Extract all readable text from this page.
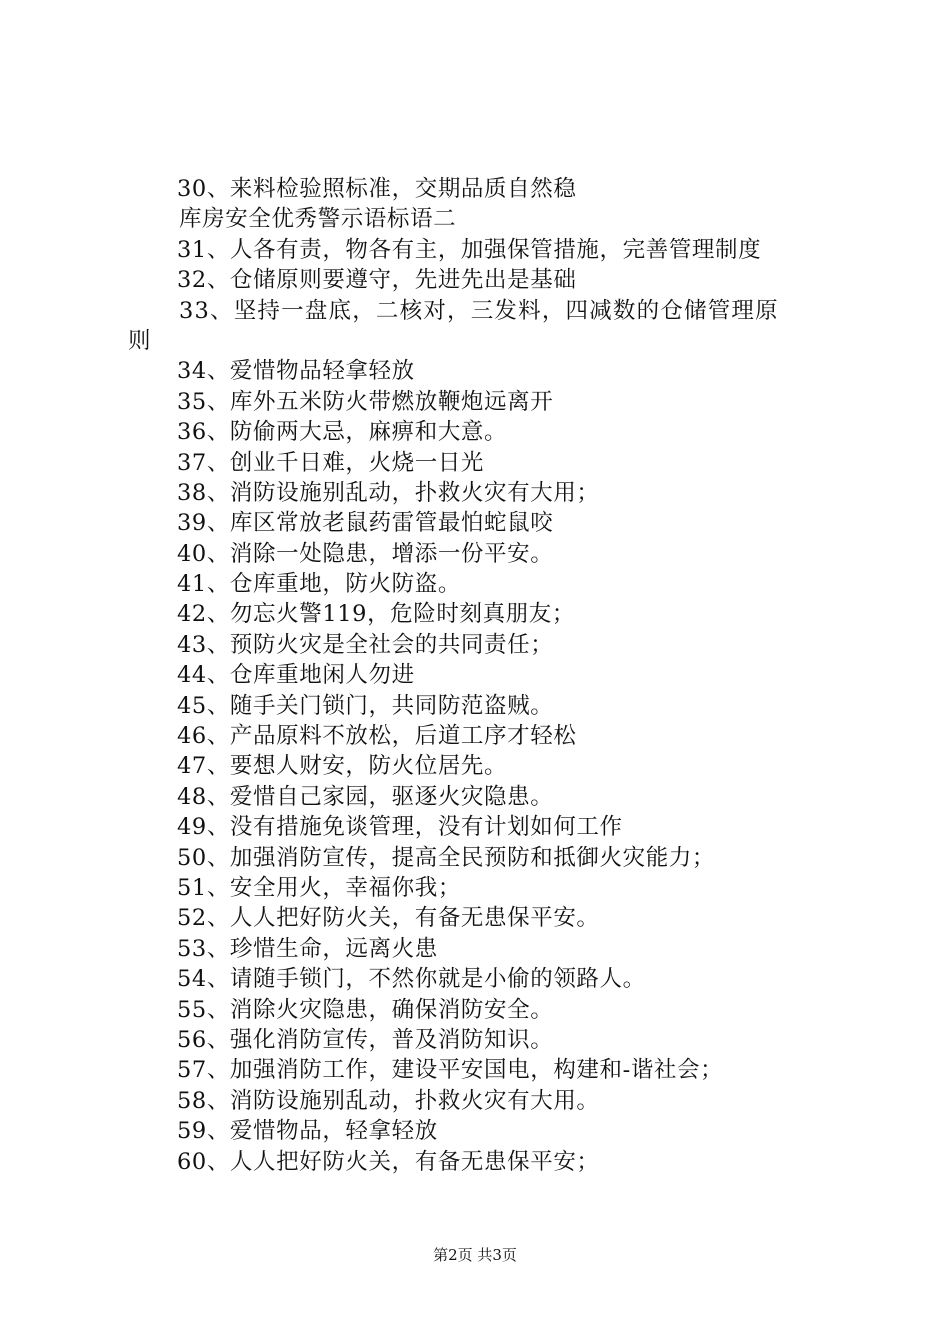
30、来料检验照标准，交期品质自然稳
库房安全优秀警示语标语二
31、人各有责，物各有主，加强保管措施，完善管理制度
32、仓储原则要遵守，先进先出是基础
33、坚持一盘底，二核对，三发料，四减数的仓储管理原
则
34、爱惜物品轻拿轻放
35、库外五米防火带燃放鞭炮远离开
36、防偷两大忌，麻痹和大意。
37、创业千日难，火烧一日光
38、消防设施别乱动，扑救火灾有大用；
39、库区常放老鼠药雷管最怕蛇鼠咬
40、消除一处隐患，增添一份平安。
41、仓库重地，防火防盗。
42、勿忘火警119，危险时刻真朋友；
43、预防火灾是全社会的共同责任；
44、仓库重地闲人勿进
45、随手关门锁门，共同防范盗贼。
46、产品原料不放松，后道工序才轻松
47、要想人财安，防火位居先。
48、爱惜自己家园，驱逐火灾隐患。
49、没有措施免谈管理，没有计划如何工作
50、加强消防宣传，提高全民预防和抵御火灾能力；
51、安全用火，幸福你我；
52、人人把好防火关，有备无患保平安。
53、珍惜生命，远离火患
54、请随手锁门，不然你就是小偷的领路人。
55、消除火灾隐患，确保消防安全。
56、强化消防宣传，普及消防知识。
57、加强消防工作，建设平安国电，构建和-谐社会；
58、消防设施别乱动，扑救火灾有大用。
59、爱惜物品，轻拿轻放
60、人人把好防火关，有备无患保平安；
第2页 共3页
